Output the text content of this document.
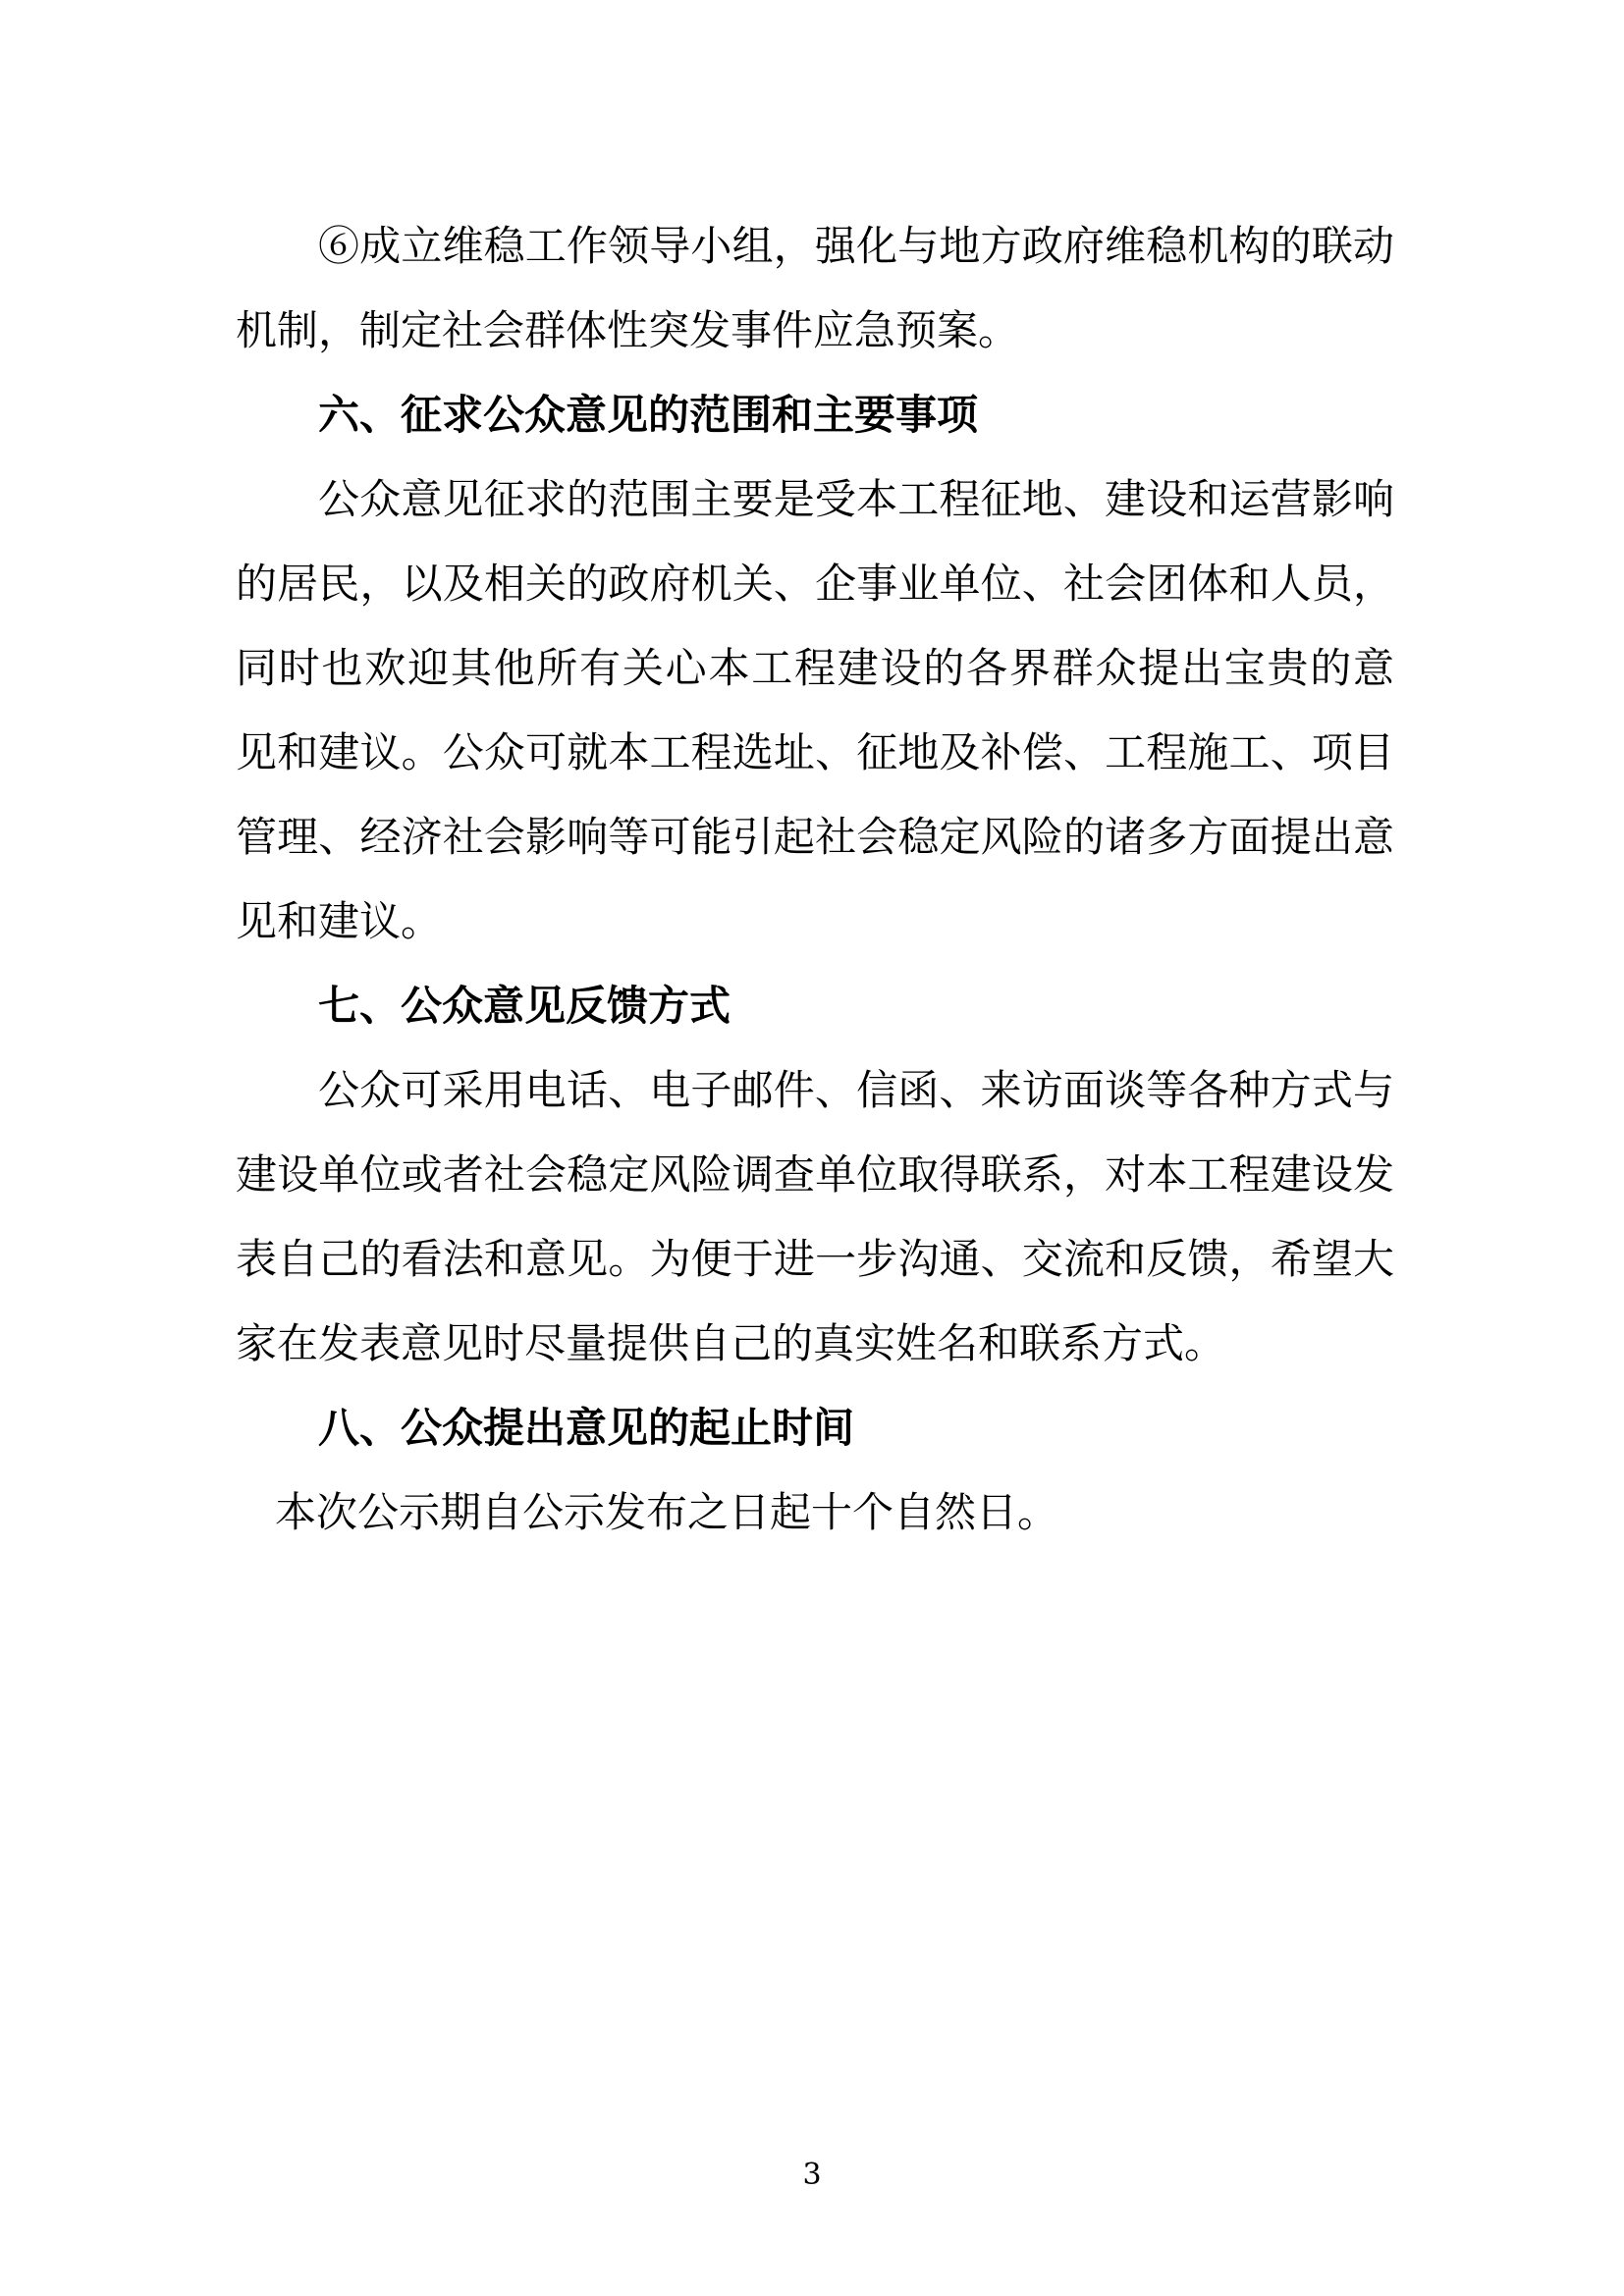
⑥成立维稳工作领导小组，强化与地方政府维稳机构的联动
机制，制定社会群体性突发事件应急预案。
六、征求公众意见的范围和主要事项
公众意见征求的范围主要是受本工程征地、建设和运营影响
的居民，以及相关的政府机关、企事业单位、社会团体和人员，
同时也欢迎其他所有关心本工程建设的各界群众提出宝贵的意
见和建议。公众可就本工程选址、征地及补偿、工程施工、项目
管理、经济社会影响等可能引起社会稳定风险的诸多方面提出意
见和建议。
七、公众意见反馈方式
公众可采用电话、电子邮件、信函、来访面谈等各种方式与
建设单位或者社会稳定风险调查单位取得联系，对本工程建设发
表自己的看法和意见。为便于进一步沟通、交流和反馈，希望大
家在发表意见时尽量提供自己的真实姓名和联系方式。
八、公众提出意见的起止时间
本次公示期自公示发布之日起十个自然日。
3
